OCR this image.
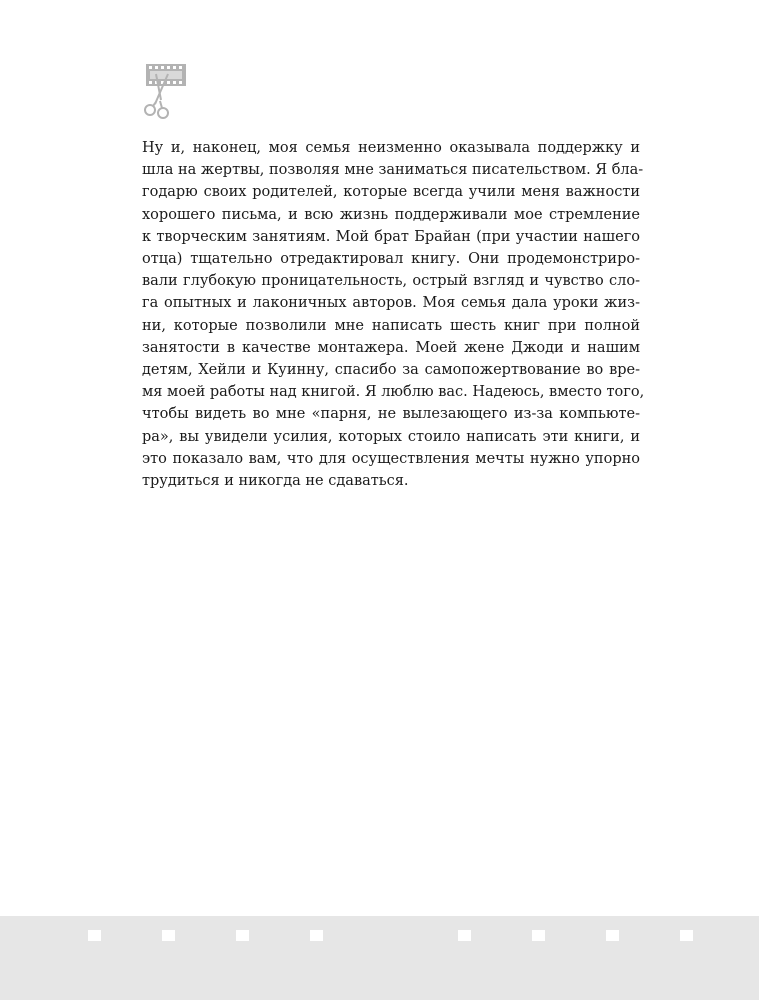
Ну и, наконец, моя семья неизменно оказывала поддержку и
шла на жертвы, позволяя мне заниматься писательством. Я бла-
годарю своих родителей, которые всегда учили меня важности
хорошего письма, и всю жизнь поддерживали мое стремление
к творческим занятиям. Мой брат Брайан (при участии нашего
отца) тщательно отредактировал книгу. Они продемонстриро-
вали глубокую проницательность, острый взгляд и чувство сло-
га опытных и лаконичных авторов. Моя семья дала уроки жиз-
ни, которые позволили мне написать шесть книг при полной
занятости в качестве монтажера. Моей жене Джоди и нашим
детям, Хейли и Куинну, спасибо за самопожертвование во вре-
мя моей работы над книгой. Я люблю вас. Надеюсь, вместо того,
чтобы видеть во мне «парня, не вылезающего из-за компьюте-
ра», вы увидели усилия, которых стоило написать эти книги, и
это показало вам, что для осуществления мечты нужно упорно
трудиться и никогда не сдаваться.
